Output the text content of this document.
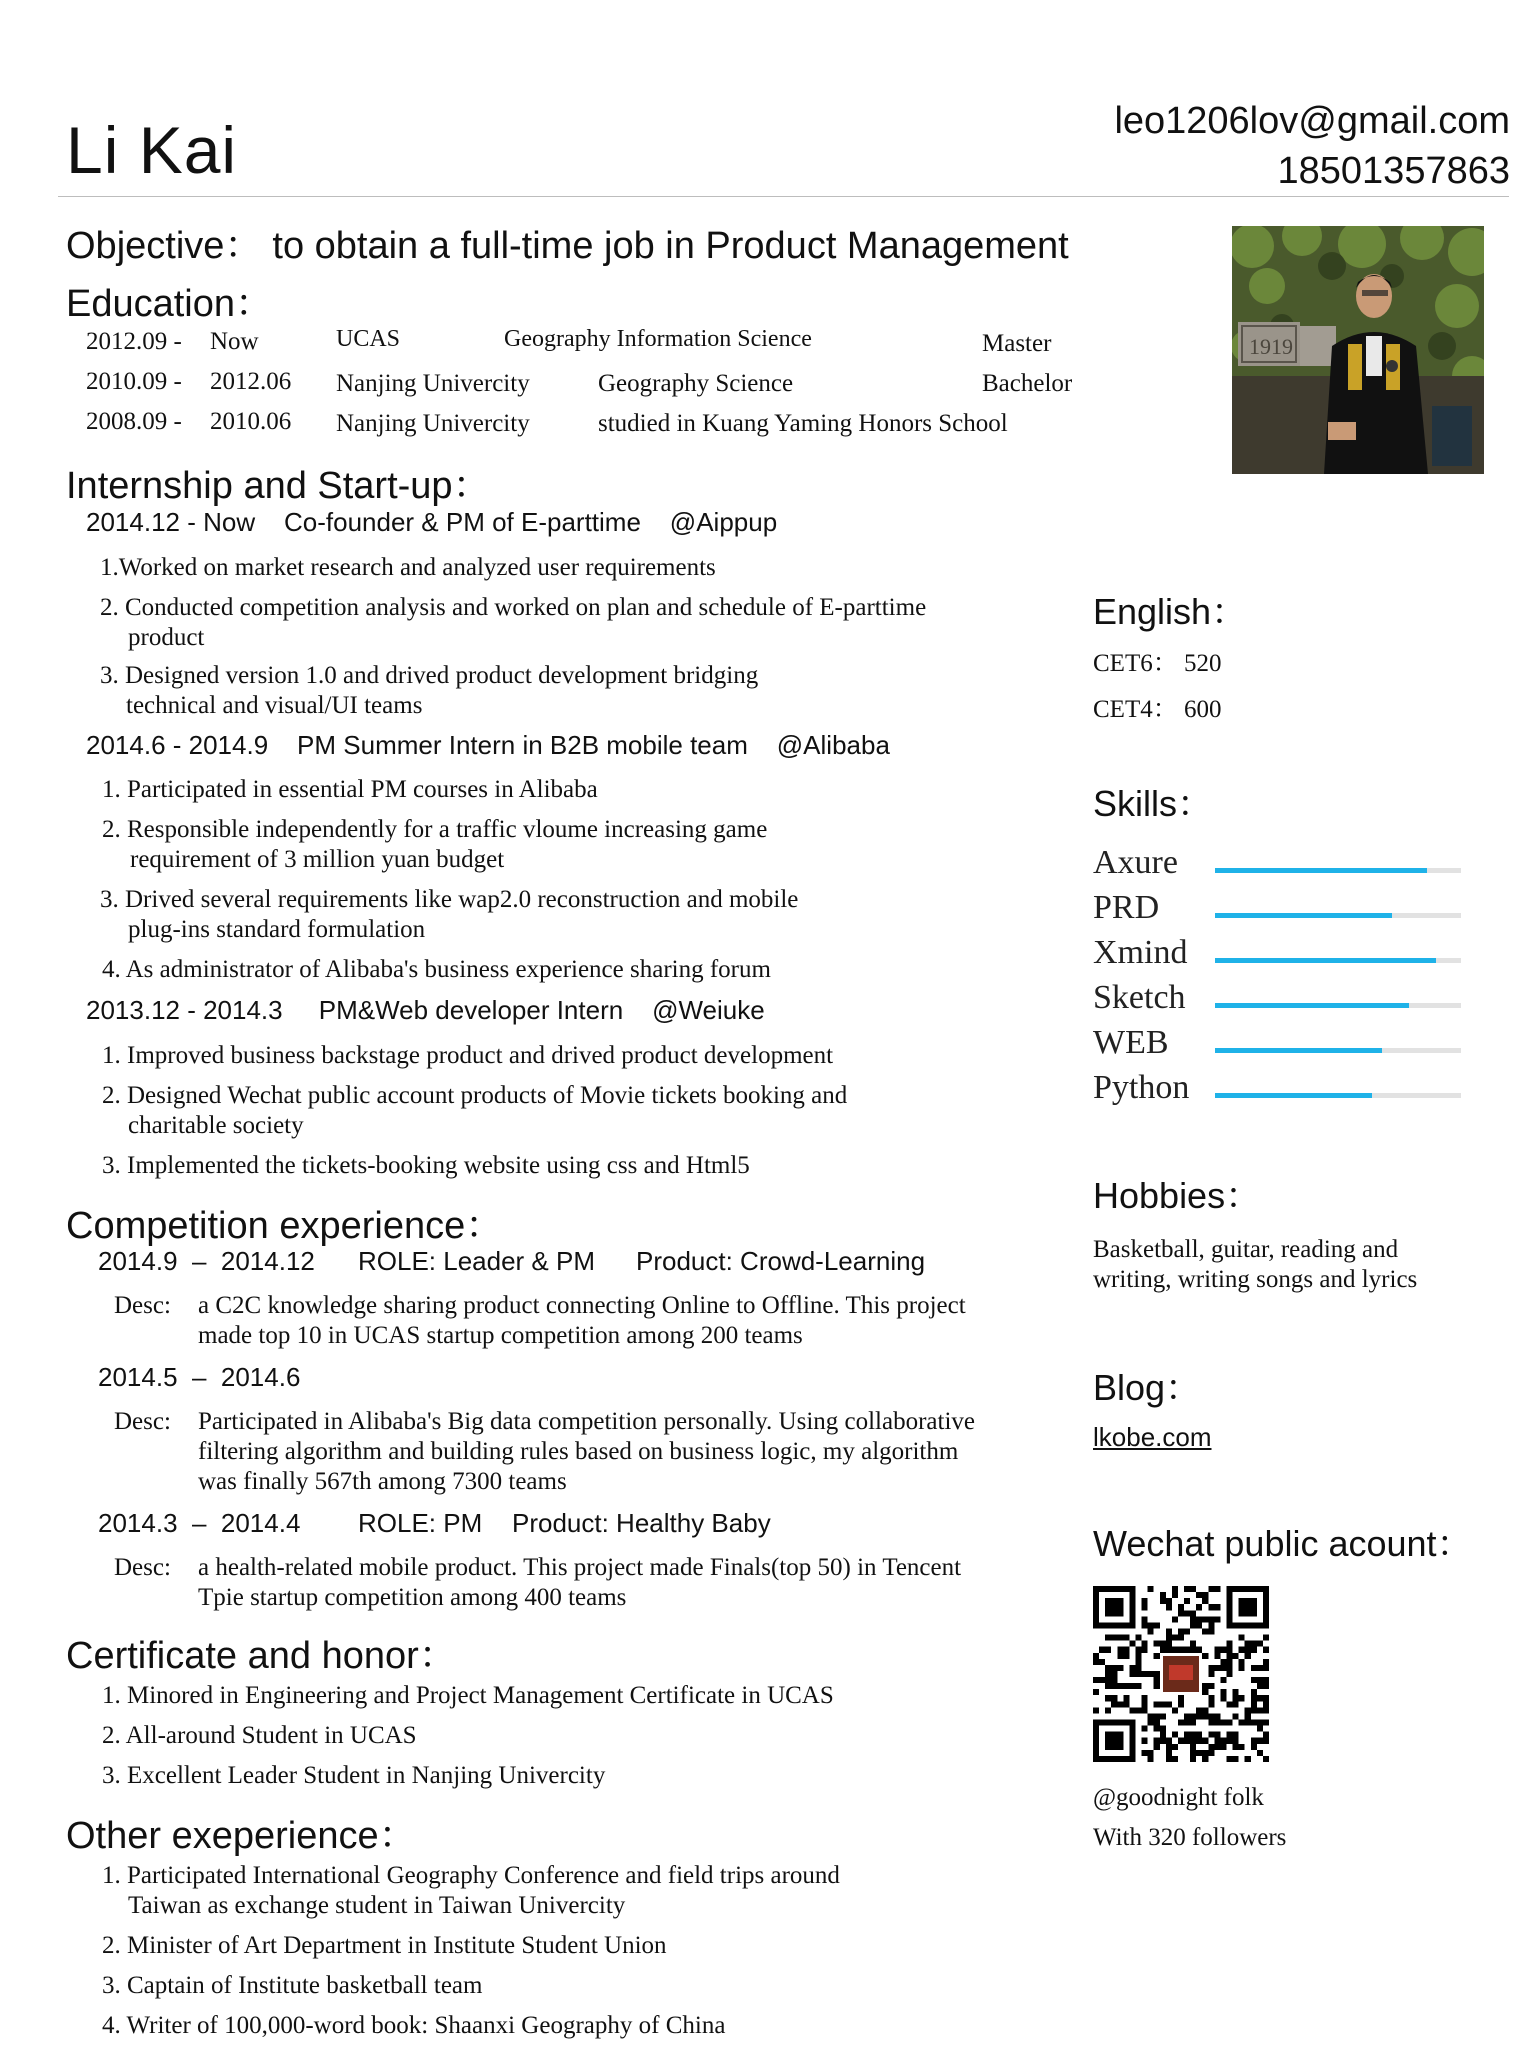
Li Kai	leo1206lov@gmail.com
18501357863
Objective： to obtain a full-time job in Product Management
Education：
2012.09 - Now	UCAS	Geography Information Science	Master
2010.09 - 2012.06 Nanjing Univercity	Geography Science	Bachelor
2008.09 - 2010.06 Nanjing Univercity	studied in Kuang Yaming Honors School
Internship and Start-up：
2014.12 - Now    Co-founder & PM of E-parttime    @Aippup
1.Worked on market research and analyzed user requirements
2. Conducted competition analysis and worked on plan and schedule of E-parttime
product
3. Designed version 1.0 and drived product development bridging
technical and visual/UI teams
2014.6 - 2014.9    PM Summer Intern in B2B mobile team    @Alibaba
1. Participated in essential PM courses in Alibaba
2. Responsible independently for a traffic vloume increasing game
requirement of 3 million yuan budget
3. Drived several requirements like wap2.0 reconstruction and mobile
plug-ins standard formulation
4. As administrator of Alibaba's business experience sharing forum
2013.12 - 2014.3     PM&Web developer Intern    @Weiuke
1. Improved business backstage product and drived product development
2. Designed Wechat public account products of Movie tickets booking and
charitable society
3. Implemented the tickets-booking website using css and Html5
Competition experience：
2014.9  –  2014.12 ROLE: Leader & PM Product: Crowd-Learning
Desc: a C2C knowledge sharing product connecting Online to Offline. This project
made top 10 in UCAS startup competition among 200 teams
2014.5  –  2014.6
Desc: Participated in Alibaba's Big data competition personally. Using collaborative
filtering algorithm and building rules based on business logic, my algorithm
was finally 567th among 7300 teams
2014.3  –  2014.4 ROLE: PM Product: Healthy Baby
Desc: a health-related mobile product. This project made Finals(top 50) in Tencent
Tpie startup competition among 400 teams
Certificate and honor：
1. Minored in Engineering and Project Management Certificate in UCAS
2. All-around Student in UCAS
3. Excellent Leader Student in Nanjing Univercity
Other exeperience：
1. Participated International Geography Conference and field trips around
Taiwan as exchange student in Taiwan Univercity
2. Minister of Art Department in Institute Student Union
3. Captain of Institute basketball team
4. Writer of 100,000-word book: Shaanxi Geography of China
1919
English：
CET6： 520
CET4： 600
Skills：
Axure
PRD
Xmind
Sketch
WEB
Python
Hobbies：
Basketball, guitar, reading and
writing, writing songs and lyrics
Blog：
lkobe.com
Wechat public acount：
@goodnight folk
With 320 followers
